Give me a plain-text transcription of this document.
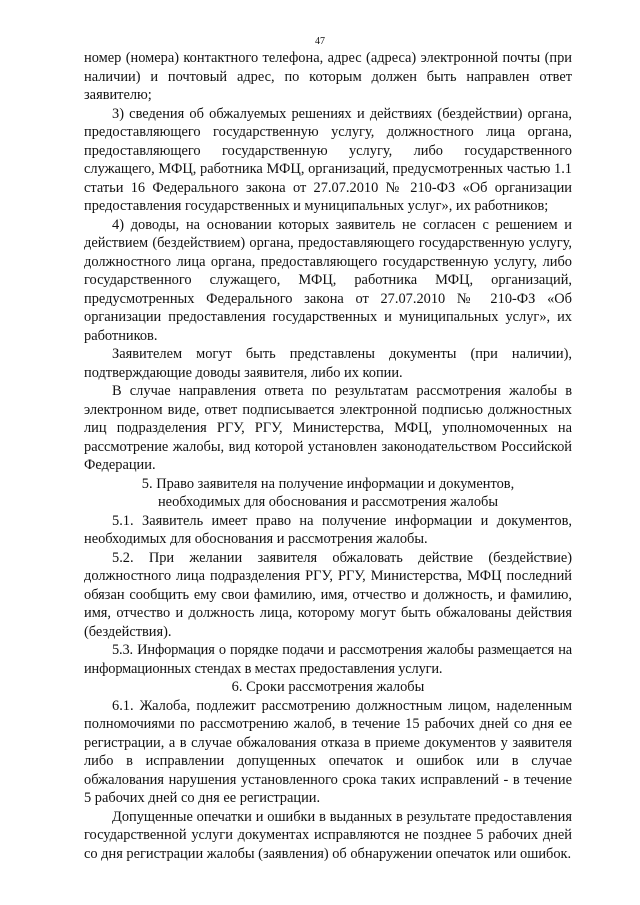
47

номер (номера) контактного телефона, адрес (адреса) электронной почты (при наличии) и почтовый адрес, по которым должен быть направлен ответ заявителю;

3) сведения об обжалуемых решениях и действиях (бездействии) органа, предоставляющего государственную услугу, должностного лица органа, предоставляющего государственную услугу, либо государственного служащего, МФЦ, работника МФЦ, организаций, предусмотренных частью 1.1 статьи 16 Федерального закона от 27.07.2010 № 210-ФЗ «Об организации предоставления государственных и муниципальных услуг», их работников;

4) доводы, на основании которых заявитель не согласен с решением и действием (бездействием) органа, предоставляющего государственную услугу, должностного лица органа, предоставляющего государственную услугу, либо государственного служащего, МФЦ, работника МФЦ, организаций, предусмотренных Федерального закона от 27.07.2010 № 210-ФЗ «Об организации предоставления государственных и муниципальных услуг», их работников.

Заявителем могут быть представлены документы (при наличии), подтверждающие доводы заявителя, либо их копии.

В случае направления ответа по результатам рассмотрения жалобы в электронном виде, ответ подписывается электронной подписью должностных лиц подразделения РГУ, РГУ, Министерства, МФЦ, уполномоченных на рассмотрение жалобы, вид которой установлен законодательством Российской Федерации.

5. Право заявителя на получение информации и документов,

необходимых для обоснования и рассмотрения жалобы

5.1. Заявитель имеет право на получение информации и документов, необходимых для обоснования и рассмотрения жалобы.

5.2. При желании заявителя обжаловать действие (бездействие) должностного лица подразделения РГУ, РГУ, Министерства, МФЦ последний обязан сообщить ему свои фамилию, имя, отчество и должность, и фамилию, имя, отчество и должность лица, которому могут быть обжалованы действия (бездействия).

5.3. Информация о порядке подачи и рассмотрения жалобы размещается на информационных стендах в местах предоставления услуги.

6. Сроки рассмотрения жалобы

6.1. Жалоба, подлежит рассмотрению должностным лицом, наделенным полномочиями по рассмотрению жалоб, в течение 15 рабочих дней со дня ее регистрации, а в случае обжалования отказа в приеме документов у заявителя либо в исправлении допущенных опечаток и ошибок или в случае обжалования нарушения установленного срока таких исправлений - в течение 5 рабочих дней со дня ее регистрации.

Допущенные опечатки и ошибки в выданных в результате предоставления государственной услуги документах исправляются не позднее 5 рабочих дней со дня регистрации жалобы (заявления) об обнаружении опечаток или ошибок.
